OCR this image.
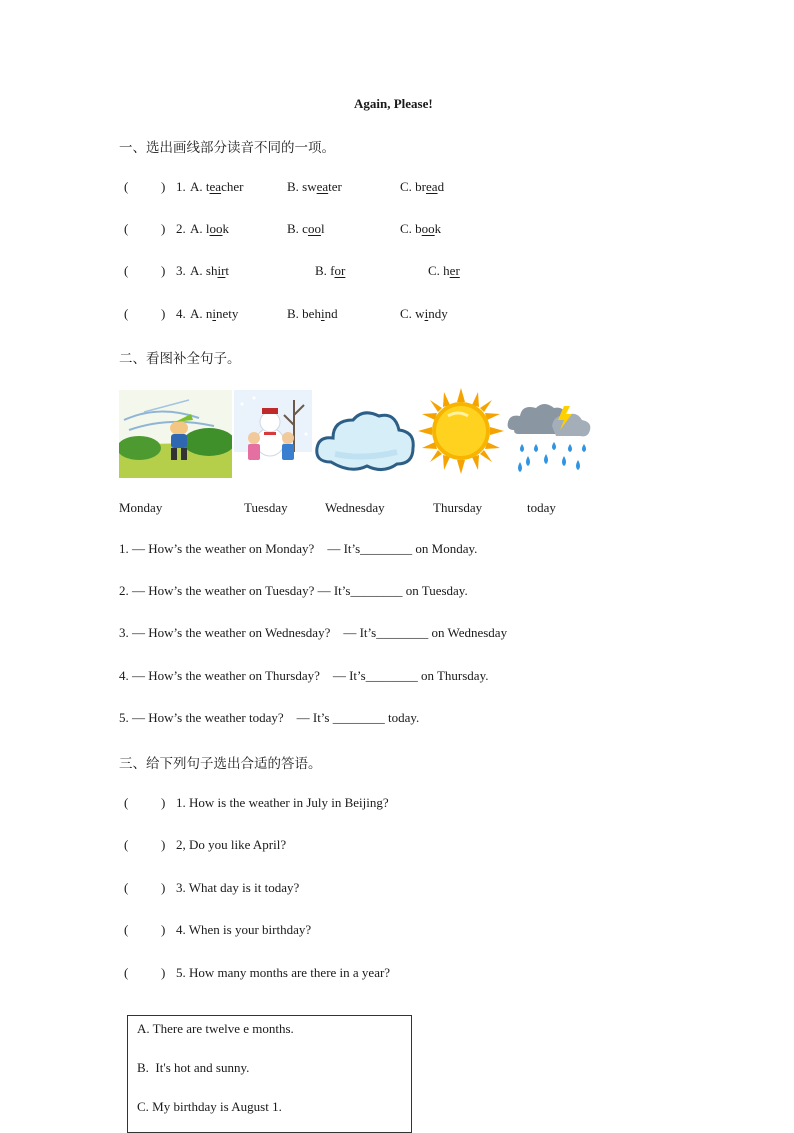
Again, Please!
一、选出画线部分读音不同的一项。
(	) 1. A. teacher	B. sweater	C. bread
(	) 2. A. look	B. cool	C. book
(	) 3. A. shirt	B. for	C. her
(	) 4. A. ninety	B. behind	C. windy
二、看图补全句子。
Monday	Tuesday	Wednesday	Thursday	today
1. — How’s the weather on Monday?    — It’s________ on Monday.
2. — How’s the weather on Tuesday? — It’s________ on Tuesday.
3. — How’s the weather on Wednesday?    — It’s________ on Wednesday
4. — How’s the weather on Thursday?    — It’s________ on Thursday.
5. — How’s the weather today?    — It’s ________ today.
三、给下列句子选出合适的答语。
(	) 1. How is the weather in July in Beijing?
(	) 2, Do you like April?
(	) 3. What day is it today?
(	) 4. When is your birthday?
(	) 5. How many months are there in a year?
A. There are twelve e months.
B.  It's hot and sunny.
C. My birthday is August 1.
